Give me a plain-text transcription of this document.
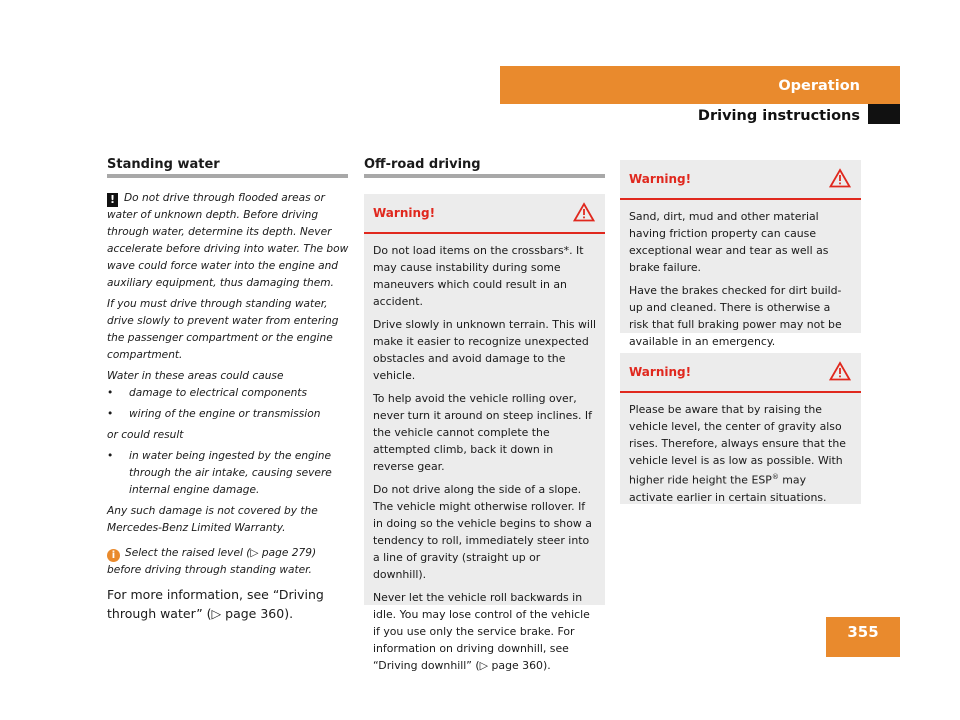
Operation
Driving instructions
Standing water

! Do not drive through flooded areas or water of unknown depth. Before driving through water, determine its depth. Never accelerate before driving into water. The bow wave could force water into the engine and auxiliary equipment, thus damaging them.

If you must drive through standing water, drive slowly to prevent water from entering the passenger compartment or the engine compartment.

Water in these areas could cause

• damage to electrical components

• wiring of the engine or transmission

or could result

• in water being ingested by the engine through the air intake, causing severe internal engine damage.

Any such damage is not covered by the Mercedes-Benz Limited Warranty.

i Select the raised level (▷ page 279) before driving through standing water.

For more information, see “Driving through water” (▷ page 360).
Off-road driving
Warning!

Do not load items on the crossbars*. It may cause instability during some maneuvers which could result in an accident.

Drive slowly in unknown terrain. This will make it easier to recognize unexpected obstacles and avoid damage to the vehicle.

To help avoid the vehicle rolling over, never turn it around on steep inclines. If the vehicle cannot complete the attempted climb, back it down in reverse gear.

Do not drive along the side of a slope. The vehicle might otherwise rollover. If in doing so the vehicle begins to show a tendency to roll, immediately steer into a line of gravity (straight up or downhill).

Never let the vehicle roll backwards in idle. You may lose control of the vehicle if you use only the service brake. For information on driving downhill, see “Driving downhill” (▷ page 360).

Warning!

Sand, dirt, mud and other material having friction property can cause exceptional wear and tear as well as brake failure.

Have the brakes checked for dirt build-up and cleaned. There is otherwise a risk that full braking power may not be available in an emergency.

Warning!

Please be aware that by raising the vehicle level, the center of gravity also rises. Therefore, always ensure that the vehicle level is as low as possible. With higher ride height the ESP® may activate earlier in certain situations.

355
